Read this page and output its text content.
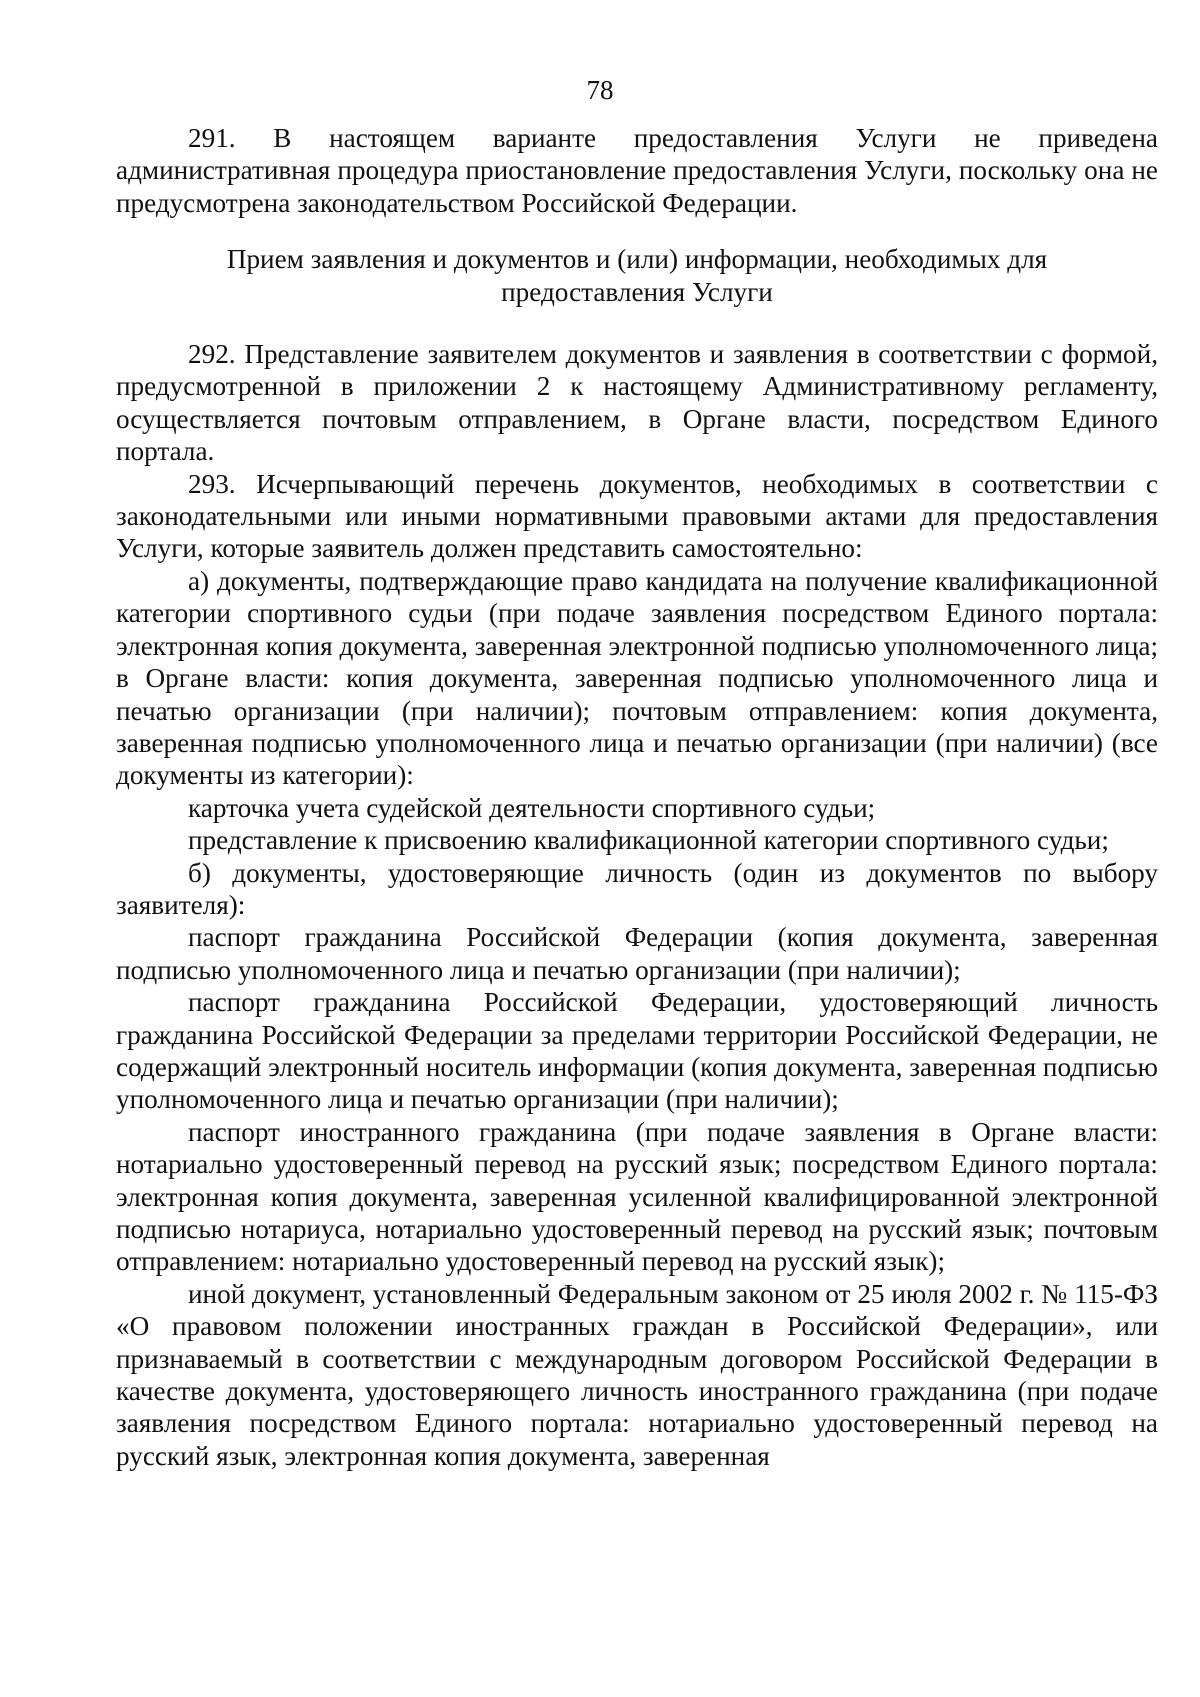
78

291. В настоящем варианте предоставления Услуги не приведена административная процедура приостановление предоставления Услуги, поскольку она не предусмотрена законодательством Российской Федерации.

Прием заявления и документов и (или) информации, необходимых для предоставления Услуги

292. Представление заявителем документов и заявления в соответствии с формой, предусмотренной в приложении 2 к настоящему Административному регламенту, осуществляется почтовым отправлением, в Органе власти, посредством Единого портала.

293. Исчерпывающий перечень документов, необходимых в соответствии с законодательными или иными нормативными правовыми актами для предоставления Услуги, которые заявитель должен представить самостоятельно:

а) документы, подтверждающие право кандидата на получение квалификационной категории спортивного судьи (при подаче заявления посредством Единого портала: электронная копия документа, заверенная электронной подписью уполномоченного лица; в Органе власти: копия документа, заверенная подписью уполномоченного лица и печатью организации (при наличии); почтовым отправлением: копия документа, заверенная подписью уполномоченного лица и печатью организации (при наличии) (все документы из категории):

карточка учета судейской деятельности спортивного судьи;

представление к присвоению квалификационной категории спортивного судьи;

б) документы, удостоверяющие личность (один из документов по выбору заявителя):

паспорт гражданина Российской Федерации (копия документа, заверенная подписью уполномоченного лица и печатью организации (при наличии);

паспорт гражданина Российской Федерации, удостоверяющий личность гражданина Российской Федерации за пределами территории Российской Федерации, не содержащий электронный носитель информации (копия документа, заверенная подписью уполномоченного лица и печатью организации (при наличии);

паспорт иностранного гражданина (при подаче заявления в Органе власти: нотариально удостоверенный перевод на русский язык; посредством Единого портала: электронная копия документа, заверенная усиленной квалифицированной электронной подписью нотариуса, нотариально удостоверенный перевод на русский язык; почтовым отправлением: нотариально удостоверенный перевод на русский язык);

иной документ, установленный Федеральным законом от 25 июля 2002 г. № 115-ФЗ «О правовом положении иностранных граждан в Российской Федерации», или признаваемый в соответствии с международным договором Российской Федерации в качестве документа, удостоверяющего личность иностранного гражданина (при подаче заявления посредством Единого портала: нотариально удостоверенный перевод на русский язык, электронная копия документа, заверенная
